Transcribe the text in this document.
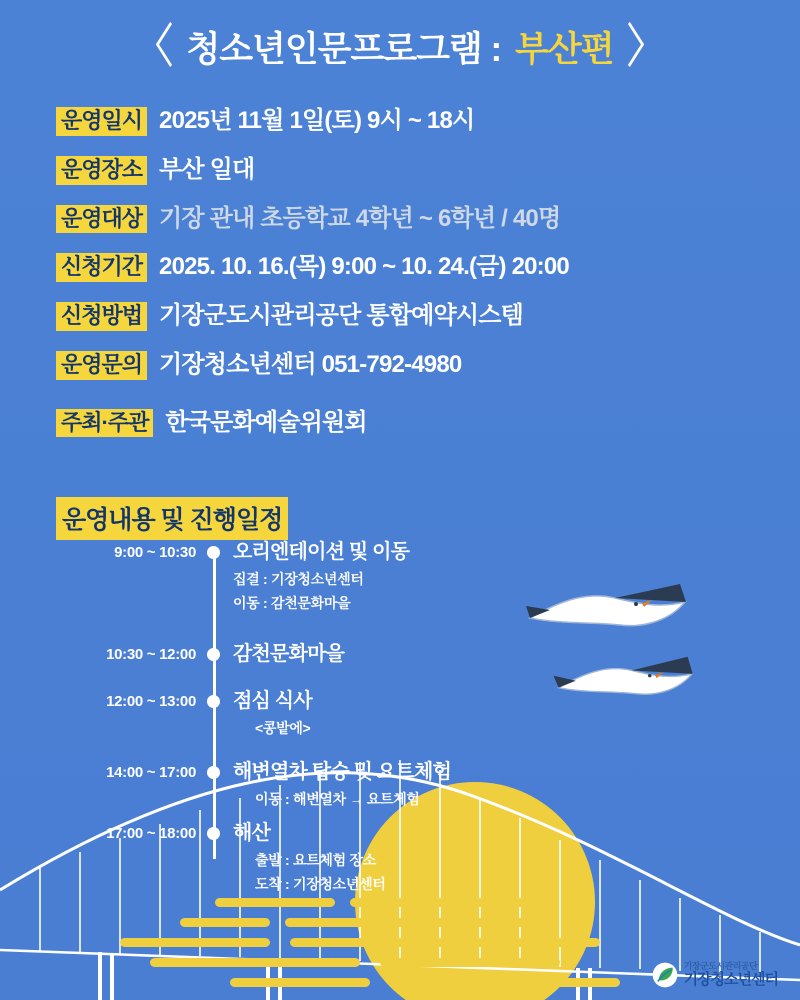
〈 청소년인문프로그램 : 부산편 〉
운영일시 2025년 11월 1일(토) 9시 ~ 18시
운영장소 부산 일대
운영대상 기장 관내 초등학교 4학년 ~ 6학년 / 40명
신청기간 2025. 10. 16.(목) 9:00 ~ 10. 24.(금) 20:00
신청방법 기장군도시관리공단 통합예약시스템
운영문의 기장청소년센터 051-792-4980
주최·주관 한국문화예술위원회
운영내용 및 진행일정
9:00 ~ 10:30 오리엔테이션 및 이동
집결 : 기장청소년센터
이동 : 감천문화마을
10:30 ~ 12:00 감천문화마을
12:00 ~ 13:00 점심 식사
<콩밭에>
14:00 ~ 17:00 해변열차 탑승 및 요트체험
이동 : 해변열차 → 요트체험
17:00 ~ 18:00 해산
출발 : 요트체험 장소
도착 : 기장청소년센터
기장군도시관리공단
기장청소년센터
